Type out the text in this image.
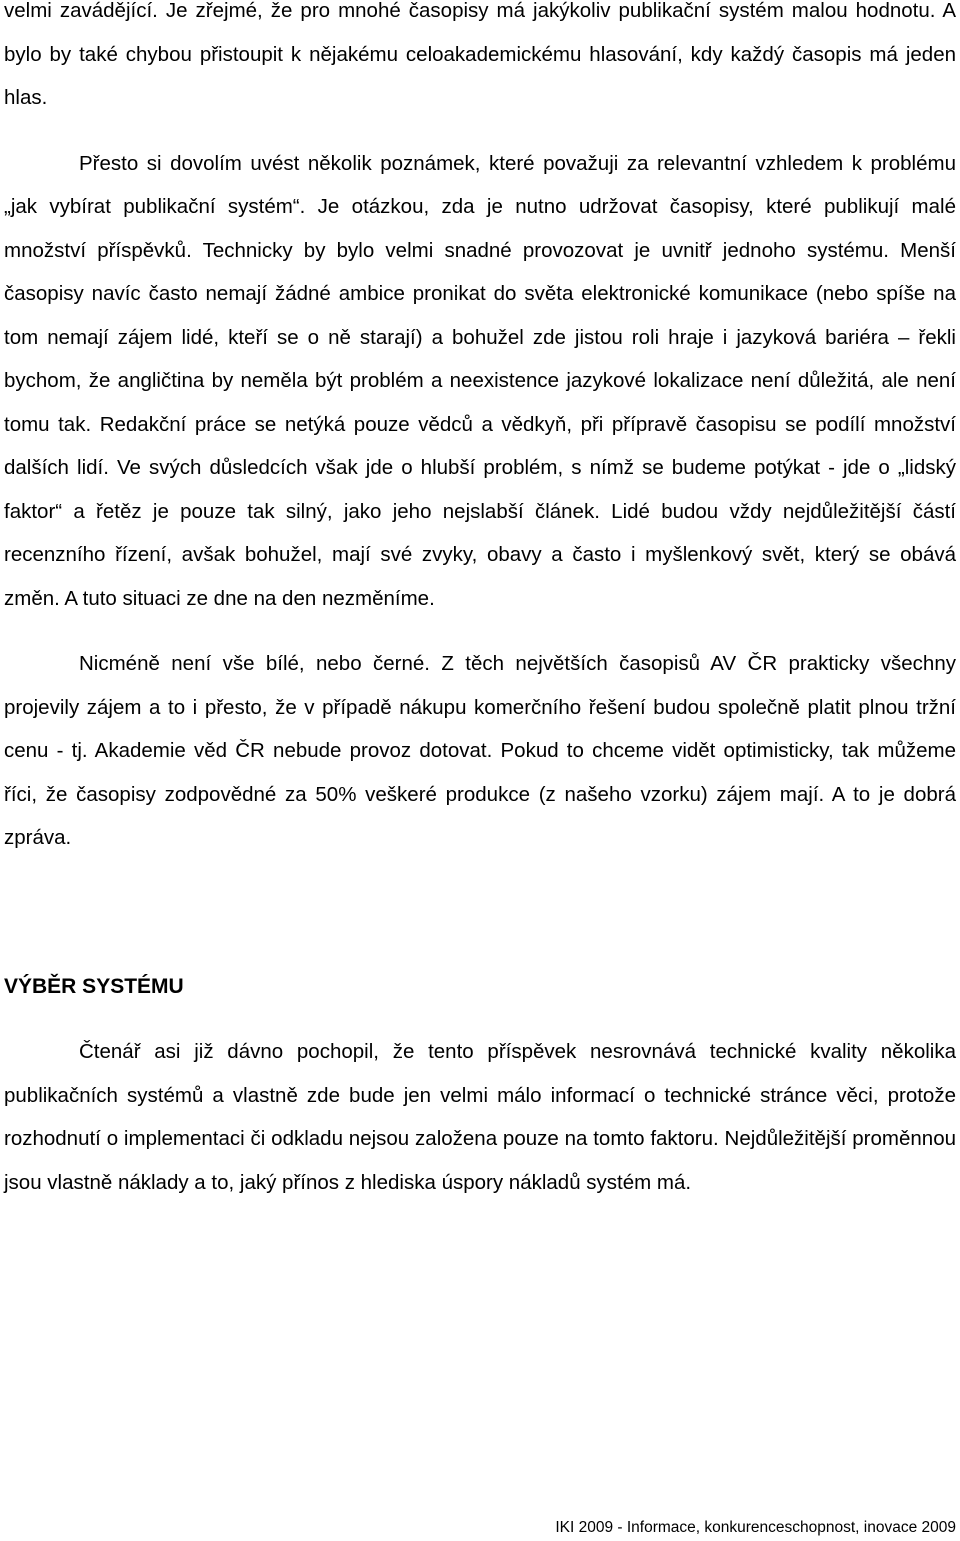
velmi zavádějící. Je zřejmé, že pro mnohé časopisy má jakýkoliv publikační systém malou hodnotu. A bylo by také chybou přistoupit k nějakému celoakademickému hlasování, kdy každý časopis má jeden hlas.

Přesto si dovolím uvést několik poznámek, které považuji za relevantní vzhledem k problému „jak vybírat publikační systém“. Je otázkou, zda je nutno udržovat časopisy, které publikují malé množství příspěvků. Technicky by bylo velmi snadné provozovat je uvnitř jednoho systému. Menší časopisy navíc často nemají žádné ambice pronikat do světa elektronické komunikace (nebo spíše na tom nemají zájem lidé, kteří se o ně starají) a bohužel zde jistou roli hraje i jazyková bariéra – řekli bychom, že angličtina by neměla být problém a neexistence jazykové lokalizace není důležitá, ale není tomu tak. Redakční práce se netýká pouze vědců a vědkyň, při přípravě časopisu se podílí množství dalších lidí. Ve svých důsledcích však jde o hlubší problém, s nímž se budeme potýkat - jde o „lidský faktor“ a řetěz je pouze tak silný, jako jeho nejslabší článek. Lidé budou vždy nejdůležitější částí recenzního řízení, avšak bohužel, mají své zvyky, obavy a často i myšlenkový svět, který se obává změn. A tuto situaci ze dne na den nezměníme.

Nicméně není vše bílé, nebo černé. Z těch největších časopisů AV ČR prakticky všechny projevily zájem a to i přesto, že v případě nákupu komerčního řešení budou společně platit plnou tržní cenu - tj. Akademie věd ČR nebude provoz dotovat. Pokud to chceme vidět optimisticky, tak můžeme říci, že časopisy zodpovědné za 50% veškeré produkce (z našeho vzorku) zájem mají. A to je dobrá zpráva.

VÝBĚR SYSTÉMU

Čtenář asi již dávno pochopil, že tento příspěvek nesrovnává technické kvality několika publikačních systémů a vlastně zde bude jen velmi málo informací o technické stránce věci, protože rozhodnutí o implementaci či odkladu nejsou založena pouze na tomto faktoru. Nejdůležitější proměnnou jsou vlastně náklady a to, jaký přínos z hlediska úspory nákladů systém má.

IKI 2009 - Informace, konkurenceschopnost, inovace 2009
